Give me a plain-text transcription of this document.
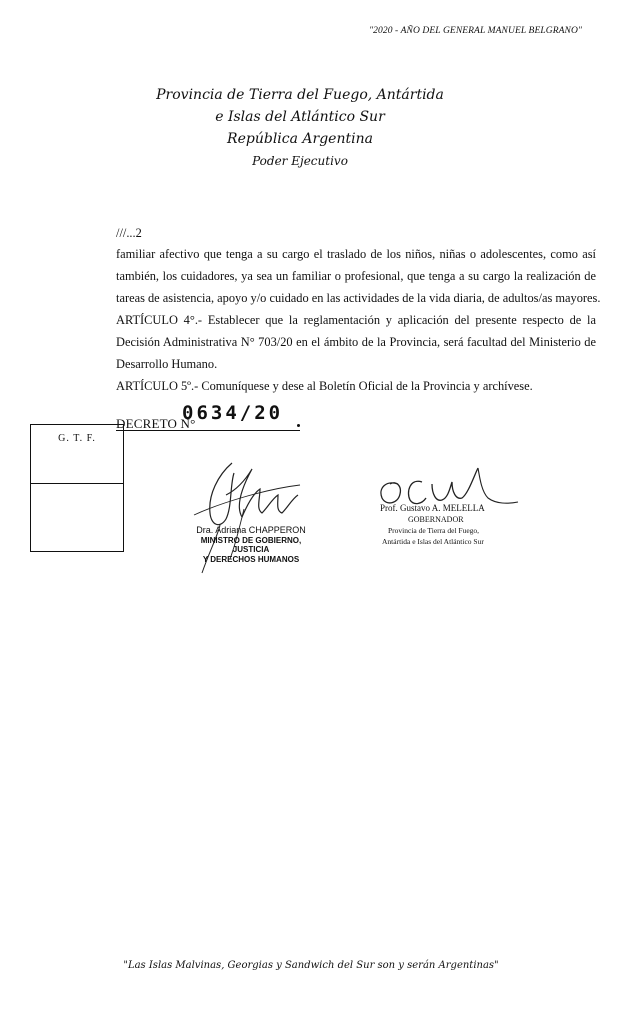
"2020 - AÑO DEL GENERAL MANUEL BELGRANO"
Provincia de Tierra del Fuego, Antártida
e Islas del Atlántico Sur
República Argentina
Poder Ejecutivo
///...2
familiar afectivo que tenga a su cargo el traslado de los niños, niñas o adolescentes, como así
también, los cuidadores, ya sea un familiar o profesional, que tenga a su cargo la realización de
tareas de asistencia, apoyo y/o cuidado en las actividades de la vida diaria, de adultos/as mayores.
ARTÍCULO 4°.- Establecer que la reglamentación y aplicación del presente respecto de la
Decisión Administrativa N° 703/20 en el ámbito de la Provincia, será facultad del Ministerio de
Desarrollo Humano.
ARTÍCULO 5º.- Comuníquese y dese al Boletín Oficial de la Provincia y archívese.
DECRETO N°
0634/20
G. T. F.
Dra. Adriana CHAPPERON
MINISTRO DE GOBIERNO, JUSTICIA
Y DERECHOS HUMANOS
Prof. Gustavo A. MELELLA
GOBERNADOR
Provincia de Tierra del Fuego,
Antártida e Islas del Atlántico Sur
"Las Islas Malvinas, Georgias y Sandwich del Sur son y serán Argentinas"
